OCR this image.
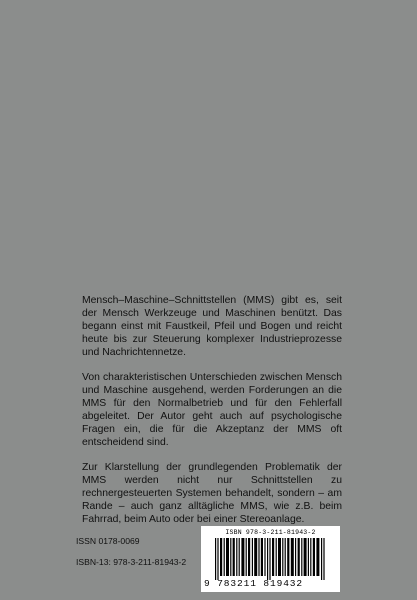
Mensch–Maschine–Schnittstellen (MMS) gibt es, seit der Mensch Werkzeuge und Maschinen benützt. Das begann einst mit Faustkeil, Pfeil und Bogen und reicht heute bis zur Steuerung komplexer Industrieprozesse und Nachrichtennetze.

Von charakteristischen Unterschieden zwischen Mensch und Maschine ausgehend, werden Forderungen an die MMS für den Normalbetrieb und für den Fehlerfall abgeleitet. Der Autor geht auch auf psychologische Fragen ein, die für die Akzeptanz der MMS oft entscheidend sind.

Zur Klarstellung der grundlegenden Problematik der MMS werden nicht nur Schnittstellen zu rechnergesteuerten Systemen behandelt, sondern – am Rande – auch ganz alltägliche MMS, wie z.B. beim Fahrrad, beim Auto oder bei einer Stereoanlage.

ISSN 0178-0069
ISBN-13: 978-3-211-81943-2
ISBN 978-3-211-81943-2
9 783211 819432
